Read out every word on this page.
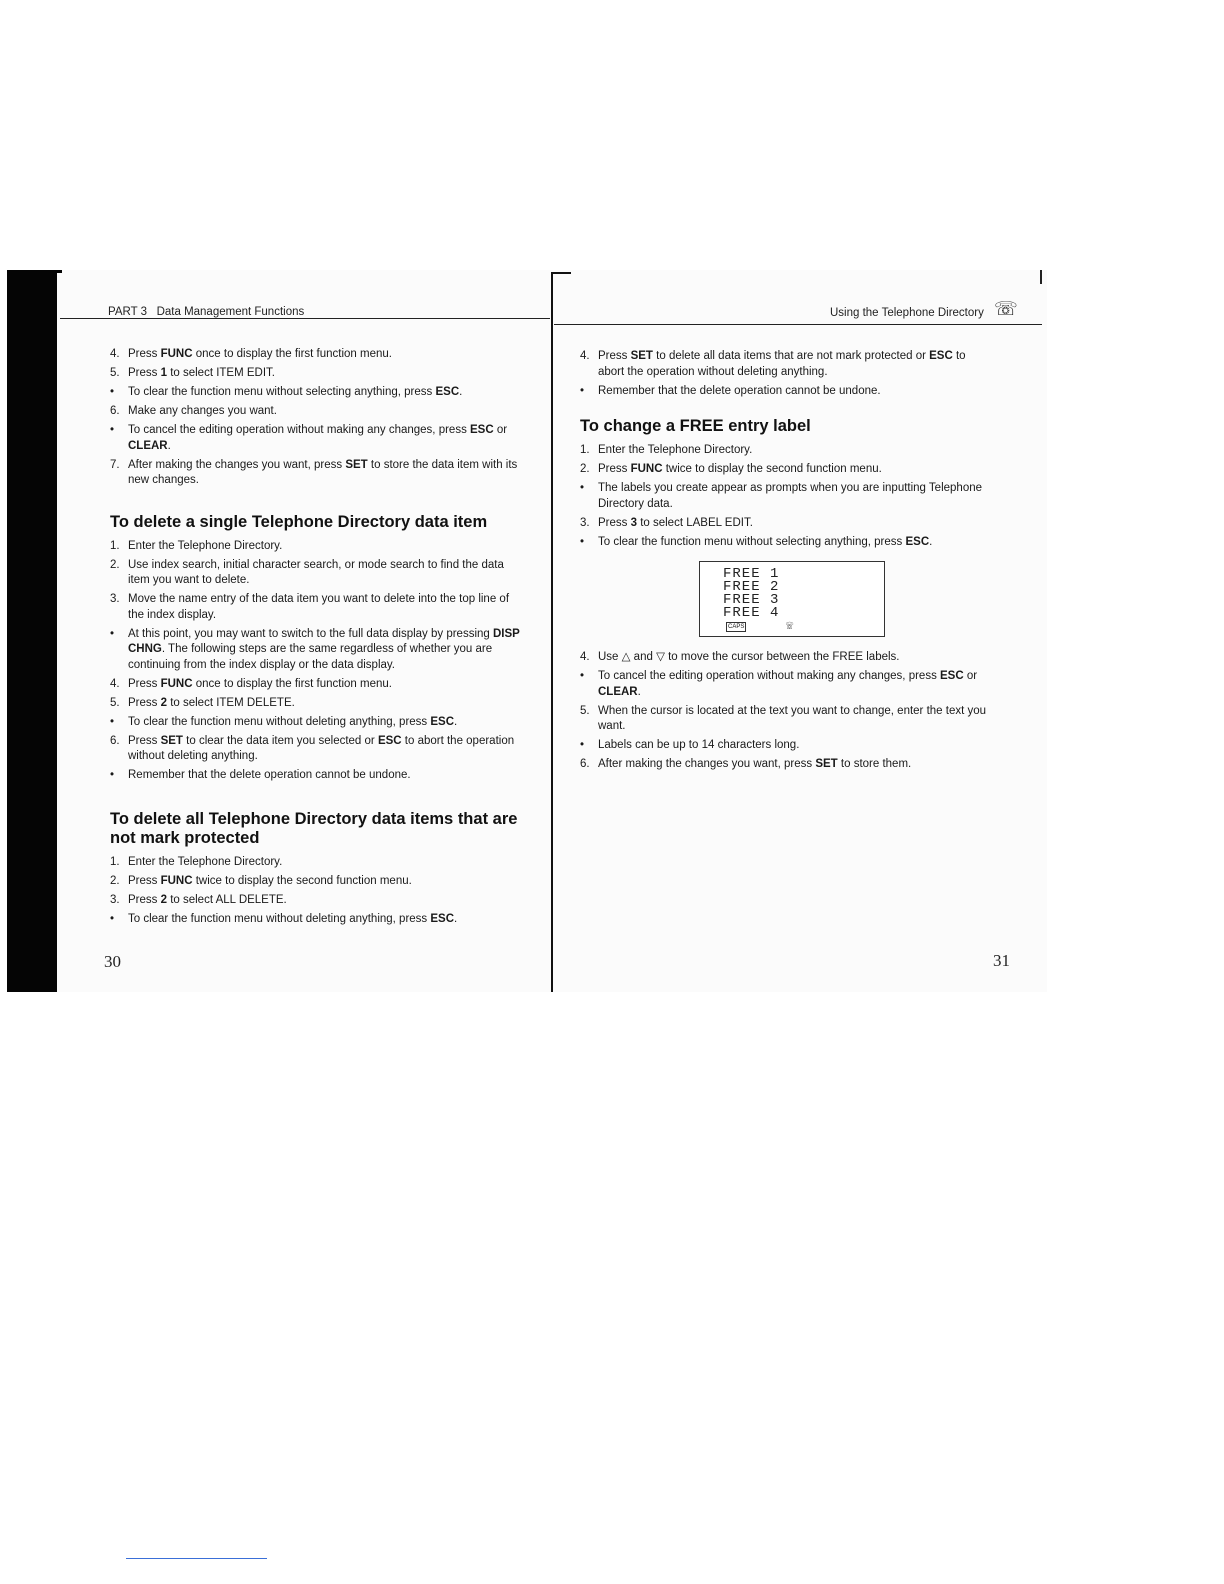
PART 3   Data Management Functions	Using the Telephone Directory ☏
4. Press FUNC once to display the first function menu.
5. Press 1 to select ITEM EDIT.
• To clear the function menu without selecting anything, press ESC.
6. Make any changes you want.
• To cancel the editing operation without making any changes, press ESC or CLEAR.
7. After making the changes you want, press SET to store the data item with its new changes.
To delete a single Telephone Directory data item
1. Enter the Telephone Directory.
2. Use index search, initial character search, or mode search to find the data item you want to delete.
3. Move the name entry of the data item you want to delete into the top line of the index display.
• At this point, you may want to switch to the full data display by pressing DISP CHNG. The following steps are the same regardless of whether you are continuing from the index display or the data display.
4. Press FUNC once to display the first function menu.
5. Press 2 to select ITEM DELETE.
• To clear the function menu without deleting anything, press ESC.
6. Press SET to clear the data item you selected or ESC to abort the operation without deleting anything.
• Remember that the delete operation cannot be undone.
To delete all Telephone Directory data items that are not mark protected
1. Enter the Telephone Directory.
2. Press FUNC twice to display the second function menu.
3. Press 2 to select ALL DELETE.
• To clear the function menu without deleting anything, press ESC.
30
4. Press SET to delete all data items that are not mark protected or ESC to abort the operation without deleting anything.
• Remember that the delete operation cannot be undone.
To change a FREE entry label
1. Enter the Telephone Directory.
2. Press FUNC twice to display the second function menu.
• The labels you create appear as prompts when you are inputting Telephone Directory data.
3. Press 3 to select LABEL EDIT.
• To clear the function menu without selecting anything, press ESC.
FREE 1
FREE 2
FREE 3
FREE 4
CAPS	☏
4. Use △ and ▽ to move the cursor between the FREE labels.
• To cancel the editing operation without making any changes, press ESC or CLEAR.
5. When the cursor is located at the text you want to change, enter the text you want.
• Labels can be up to 14 characters long.
6. After making the changes you want, press SET to store them.
31
